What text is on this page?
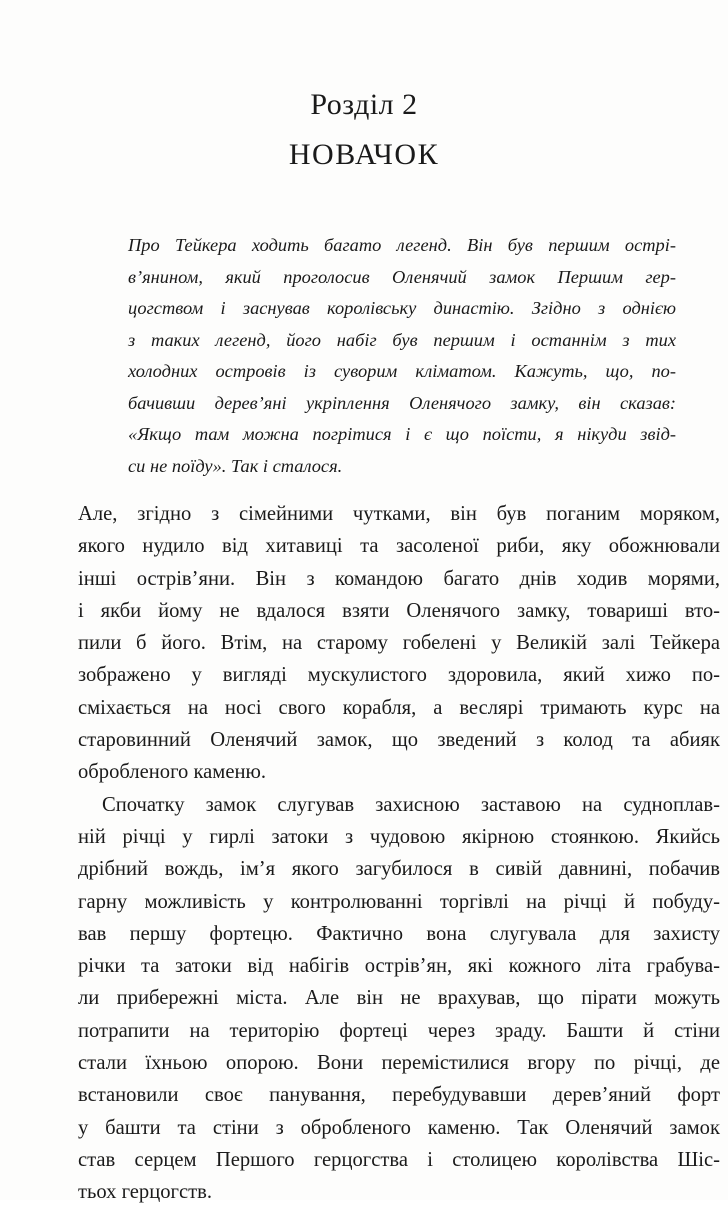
Розділ 2
НОВАЧОК
Про Тейкера ходить багато легенд. Він був першим острі-
в’янином, який проголосив Оленячий замок Першим гер-
цогством і заснував королівську династію. Згідно з однією
з таких легенд, його набіг був першим і останнім з тих
холодних островів із суворим кліматом. Кажуть, що, по-
бачивши дерев’яні укріплення Оленячого замку, він сказав:
«Якщо там можна погрітися і є що поїсти, я нікуди звід-
си не поїду». Так і сталося.
Але, згідно з сімейними чутками, він був поганим моряком,
якого нудило від хитавиці та засоленої риби, яку обожнювали
інші острів’яни. Він з командою багато днів ходив морями,
і якби йому не вдалося взяти Оленячого замку, товариші вто-
пили б його. Втім, на старому гобелені у Великій залі Тейкера
зображено у вигляді мускулистого здоровила, який хижо по-
сміхається на носі свого корабля, а веслярі тримають курс на
старовинний Оленячий замок, що зведений з колод та абияк
обробленого каменю.
Спочатку замок слугував захисною заставою на судноплав-
ній річці у гирлі затоки з чудовою якірною стоянкою. Якийсь
дрібний вождь, ім’я якого загубилося в сивій давнині, побачив
гарну можливість у контролюванні торгівлі на річці й побуду-
вав першу фортецю. Фактично вона слугувала для захисту
річки та затоки від набігів острів’ян, які кожного літа грабува-
ли прибережні міста. Але він не врахував, що пірати можуть
потрапити на територію фортеці через зраду. Башти й стіни
стали їхньою опорою. Вони перемістилися вгору по річці, де
встановили своє панування, перебудувавши дерев’яний форт
у башти та стіни з обробленого каменю. Так Оленячий замок
став серцем Першого герцогства і столицею королівства Шіс-
тьох герцогств.
